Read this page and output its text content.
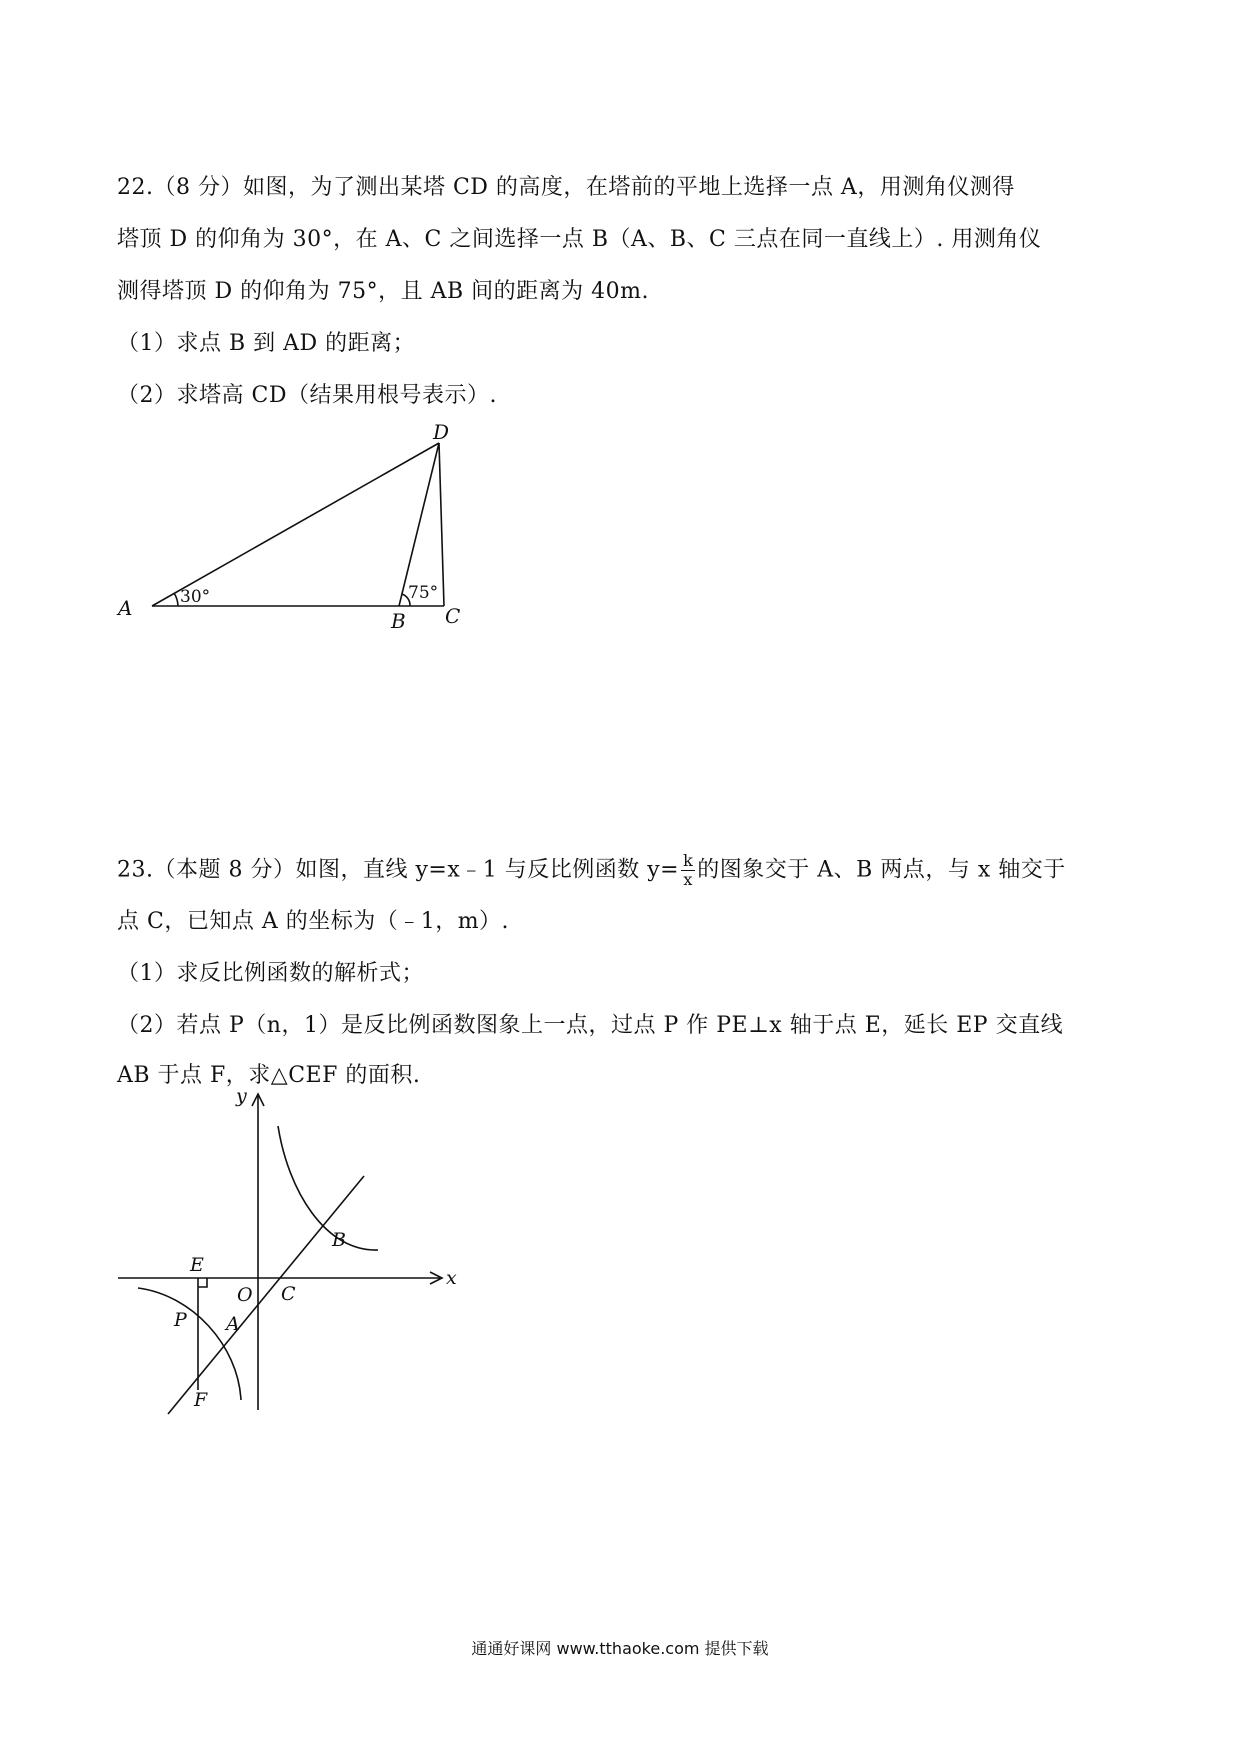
22.（8 分）如图，为了测出某塔 CD 的高度，在塔前的平地上选择一点 A，用测角仪测得
塔顶 D 的仰角为 30°，在 A、C 之间选择一点 B（A、B、C 三点在同一直线上）. 用测角仪
测得塔顶 D 的仰角为 75°，且 AB 间的距离为 40m.
（1）求点 B 到 AD 的距离；
（2）求塔高 CD（结果用根号表示）.
D
A
B C
30°	75°
23.（本题 8 分）如图，直线 y=x﹣1 与反比例函数 $y= \frac{k}{x}$ 的图象交于 A、B 两点，与 x 轴交于
点 C，已知点 A 的坐标为（﹣1，m）.
（1）求反比例函数的解析式；
（2）若点 P（n，1）是反比例函数图象上一点，过点 P 作 PE⊥x 轴于点 E，延长 EP 交直线
AB 于点 F，求△CEF 的面积.
y
x
O C
B
E
P A
F
通通好课网 www.tthaoke.com 提供下载
